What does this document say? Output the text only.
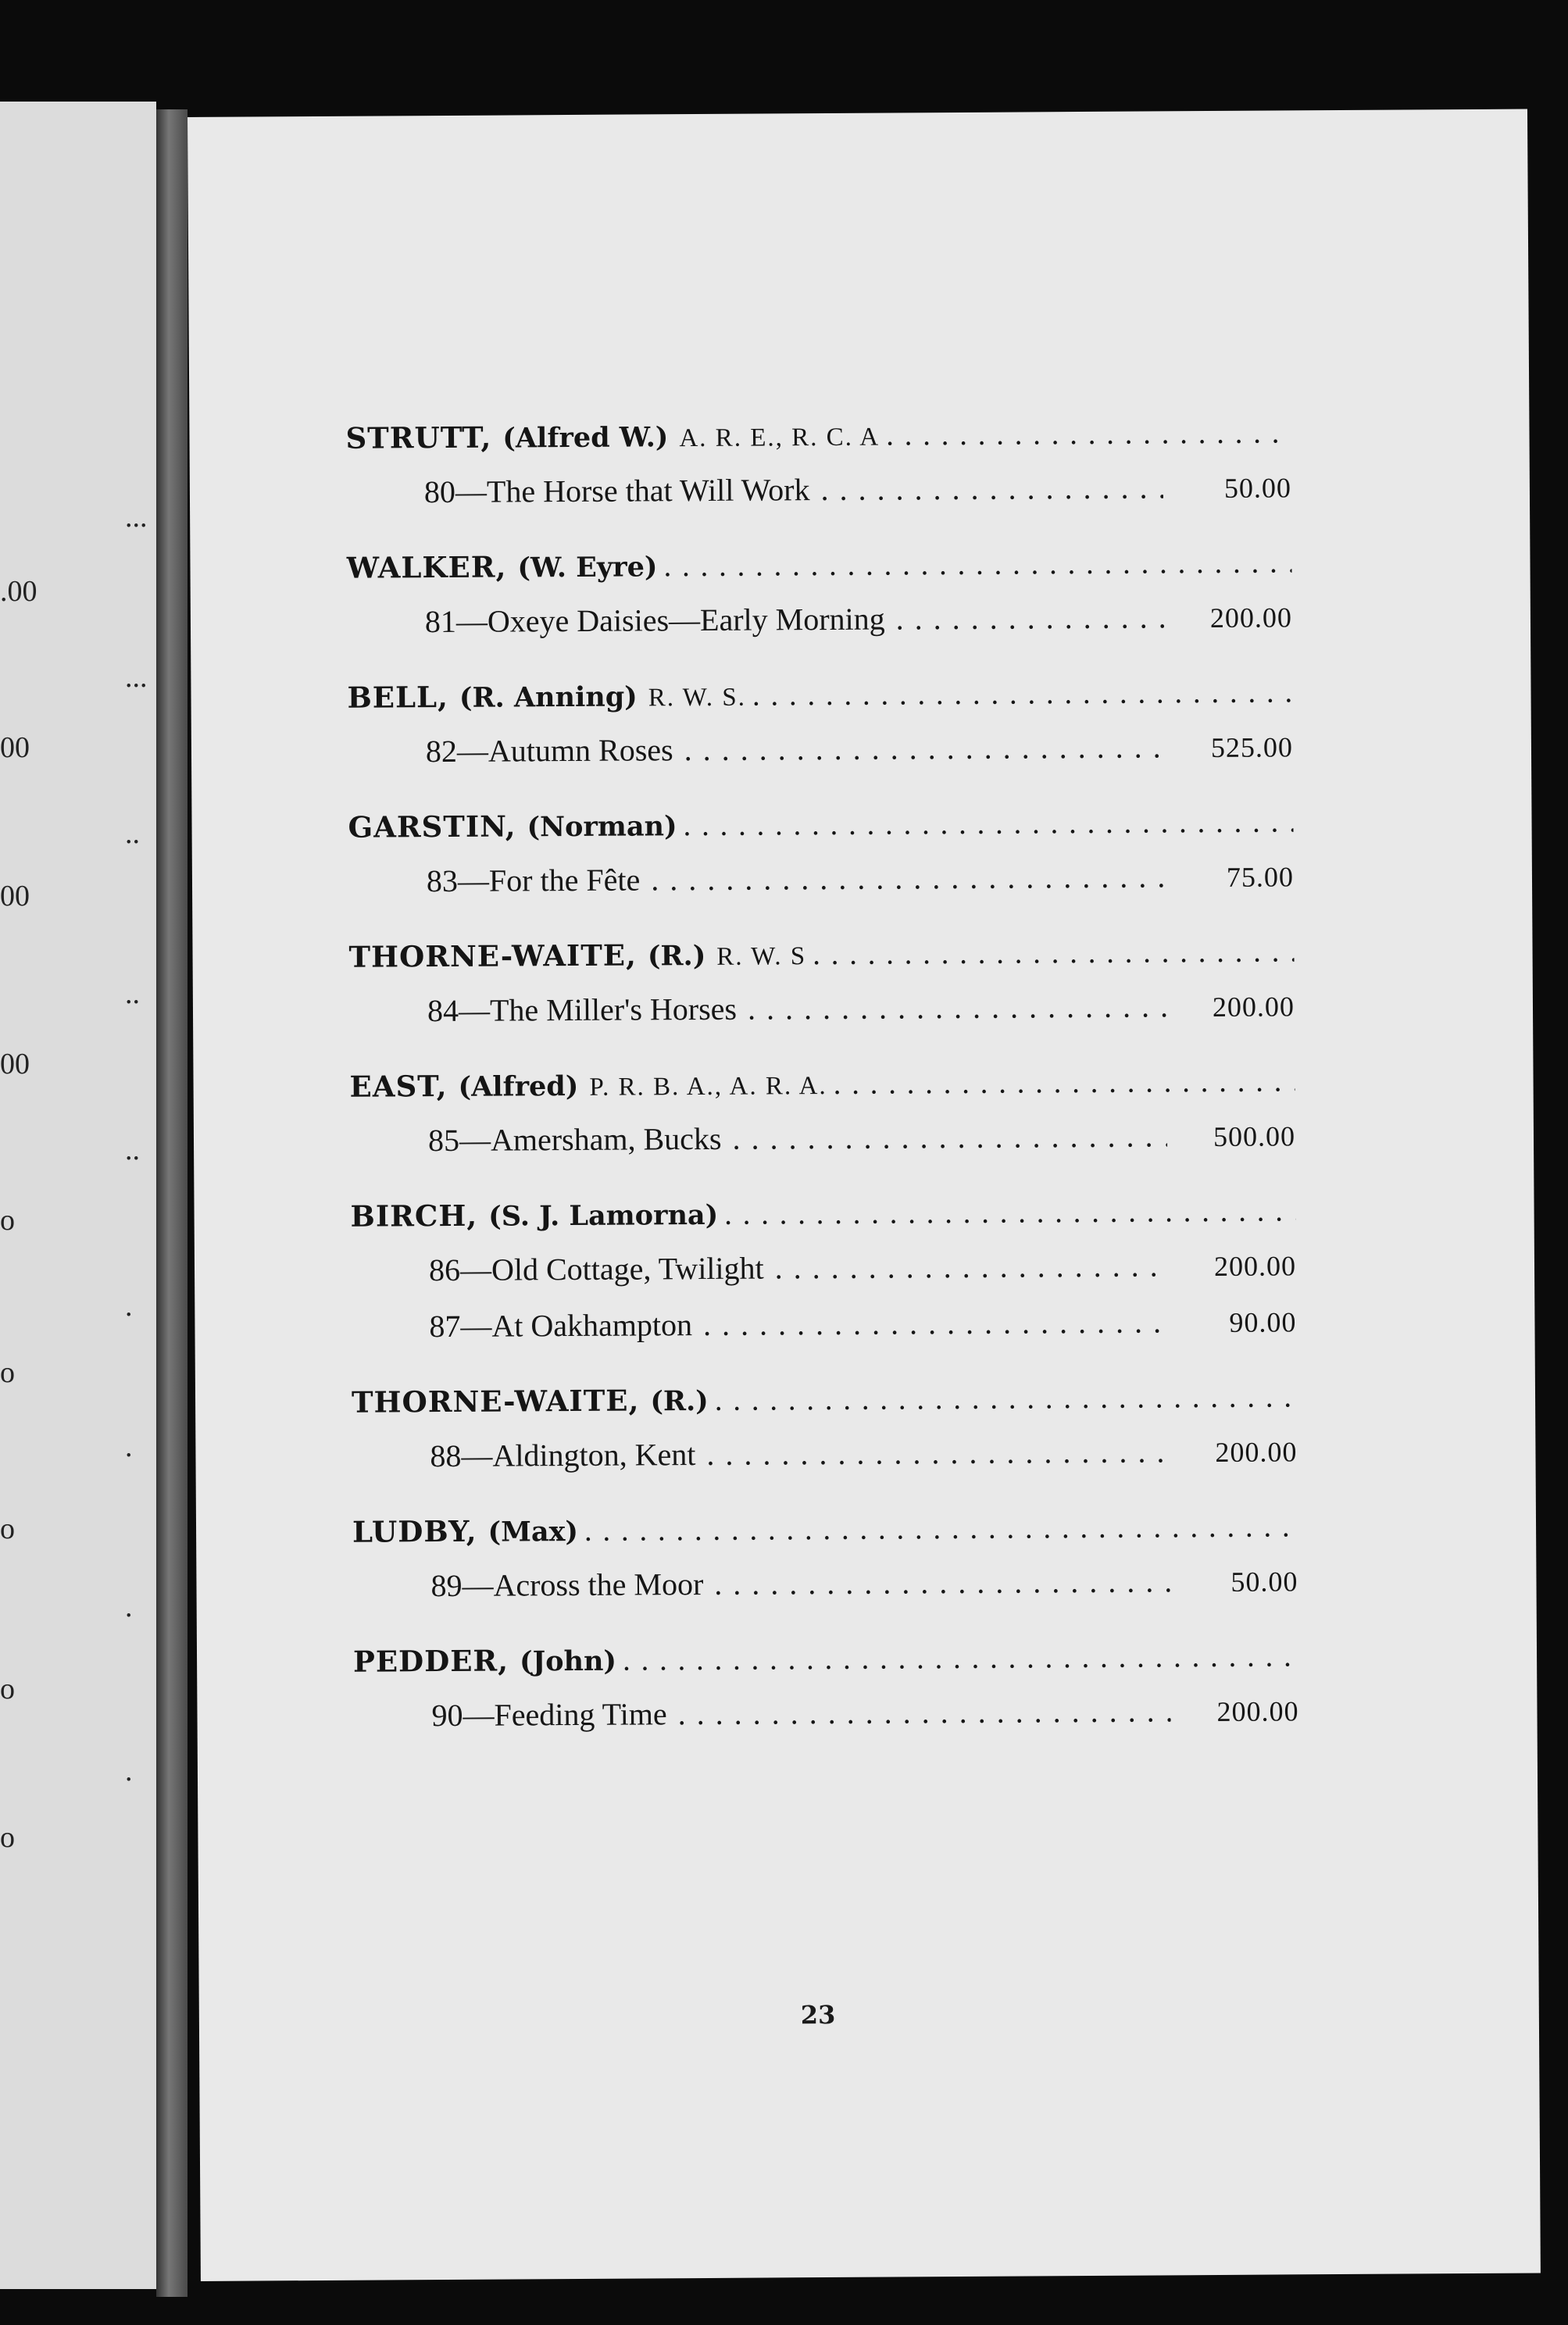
...
.00
...
00
..
00
..
00
..
o
.
o
.
o
.
o
.
o
STRUTT, (Alfred W.) A. R. E., R. C. A
. . .
80—The Horse that Will Work . . .	50.00
WALKER, (W. Eyre)
. . .
81—Oxeye Daisies—Early Morning . . .	200.00
BELL, (R. Anning) R. W. S.
. . .
82—Autumn Roses . . .	525.00
GARSTIN, (Norman)
. . .
83—For the Fête . . .	75.00
THORNE-WAITE, (R.) R. W. S
. . .
84—The Miller's Horses . . .	200.00
EAST, (Alfred) P. R. B. A., A. R. A.
. . .
85—Amersham, Bucks . . .	500.00
BIRCH, (S. J. Lamorna)
. . .
86—Old Cottage, Twilight . . .	200.00
87—At Oakhampton . . .	90.00
THORNE-WAITE, (R.)
. . .
88—Aldington, Kent . . .	200.00
LUDBY, (Max)
. . .
89—Across the Moor . . .	50.00
PEDDER, (John)
. . .
90—Feeding Time . . .	200.00
23
